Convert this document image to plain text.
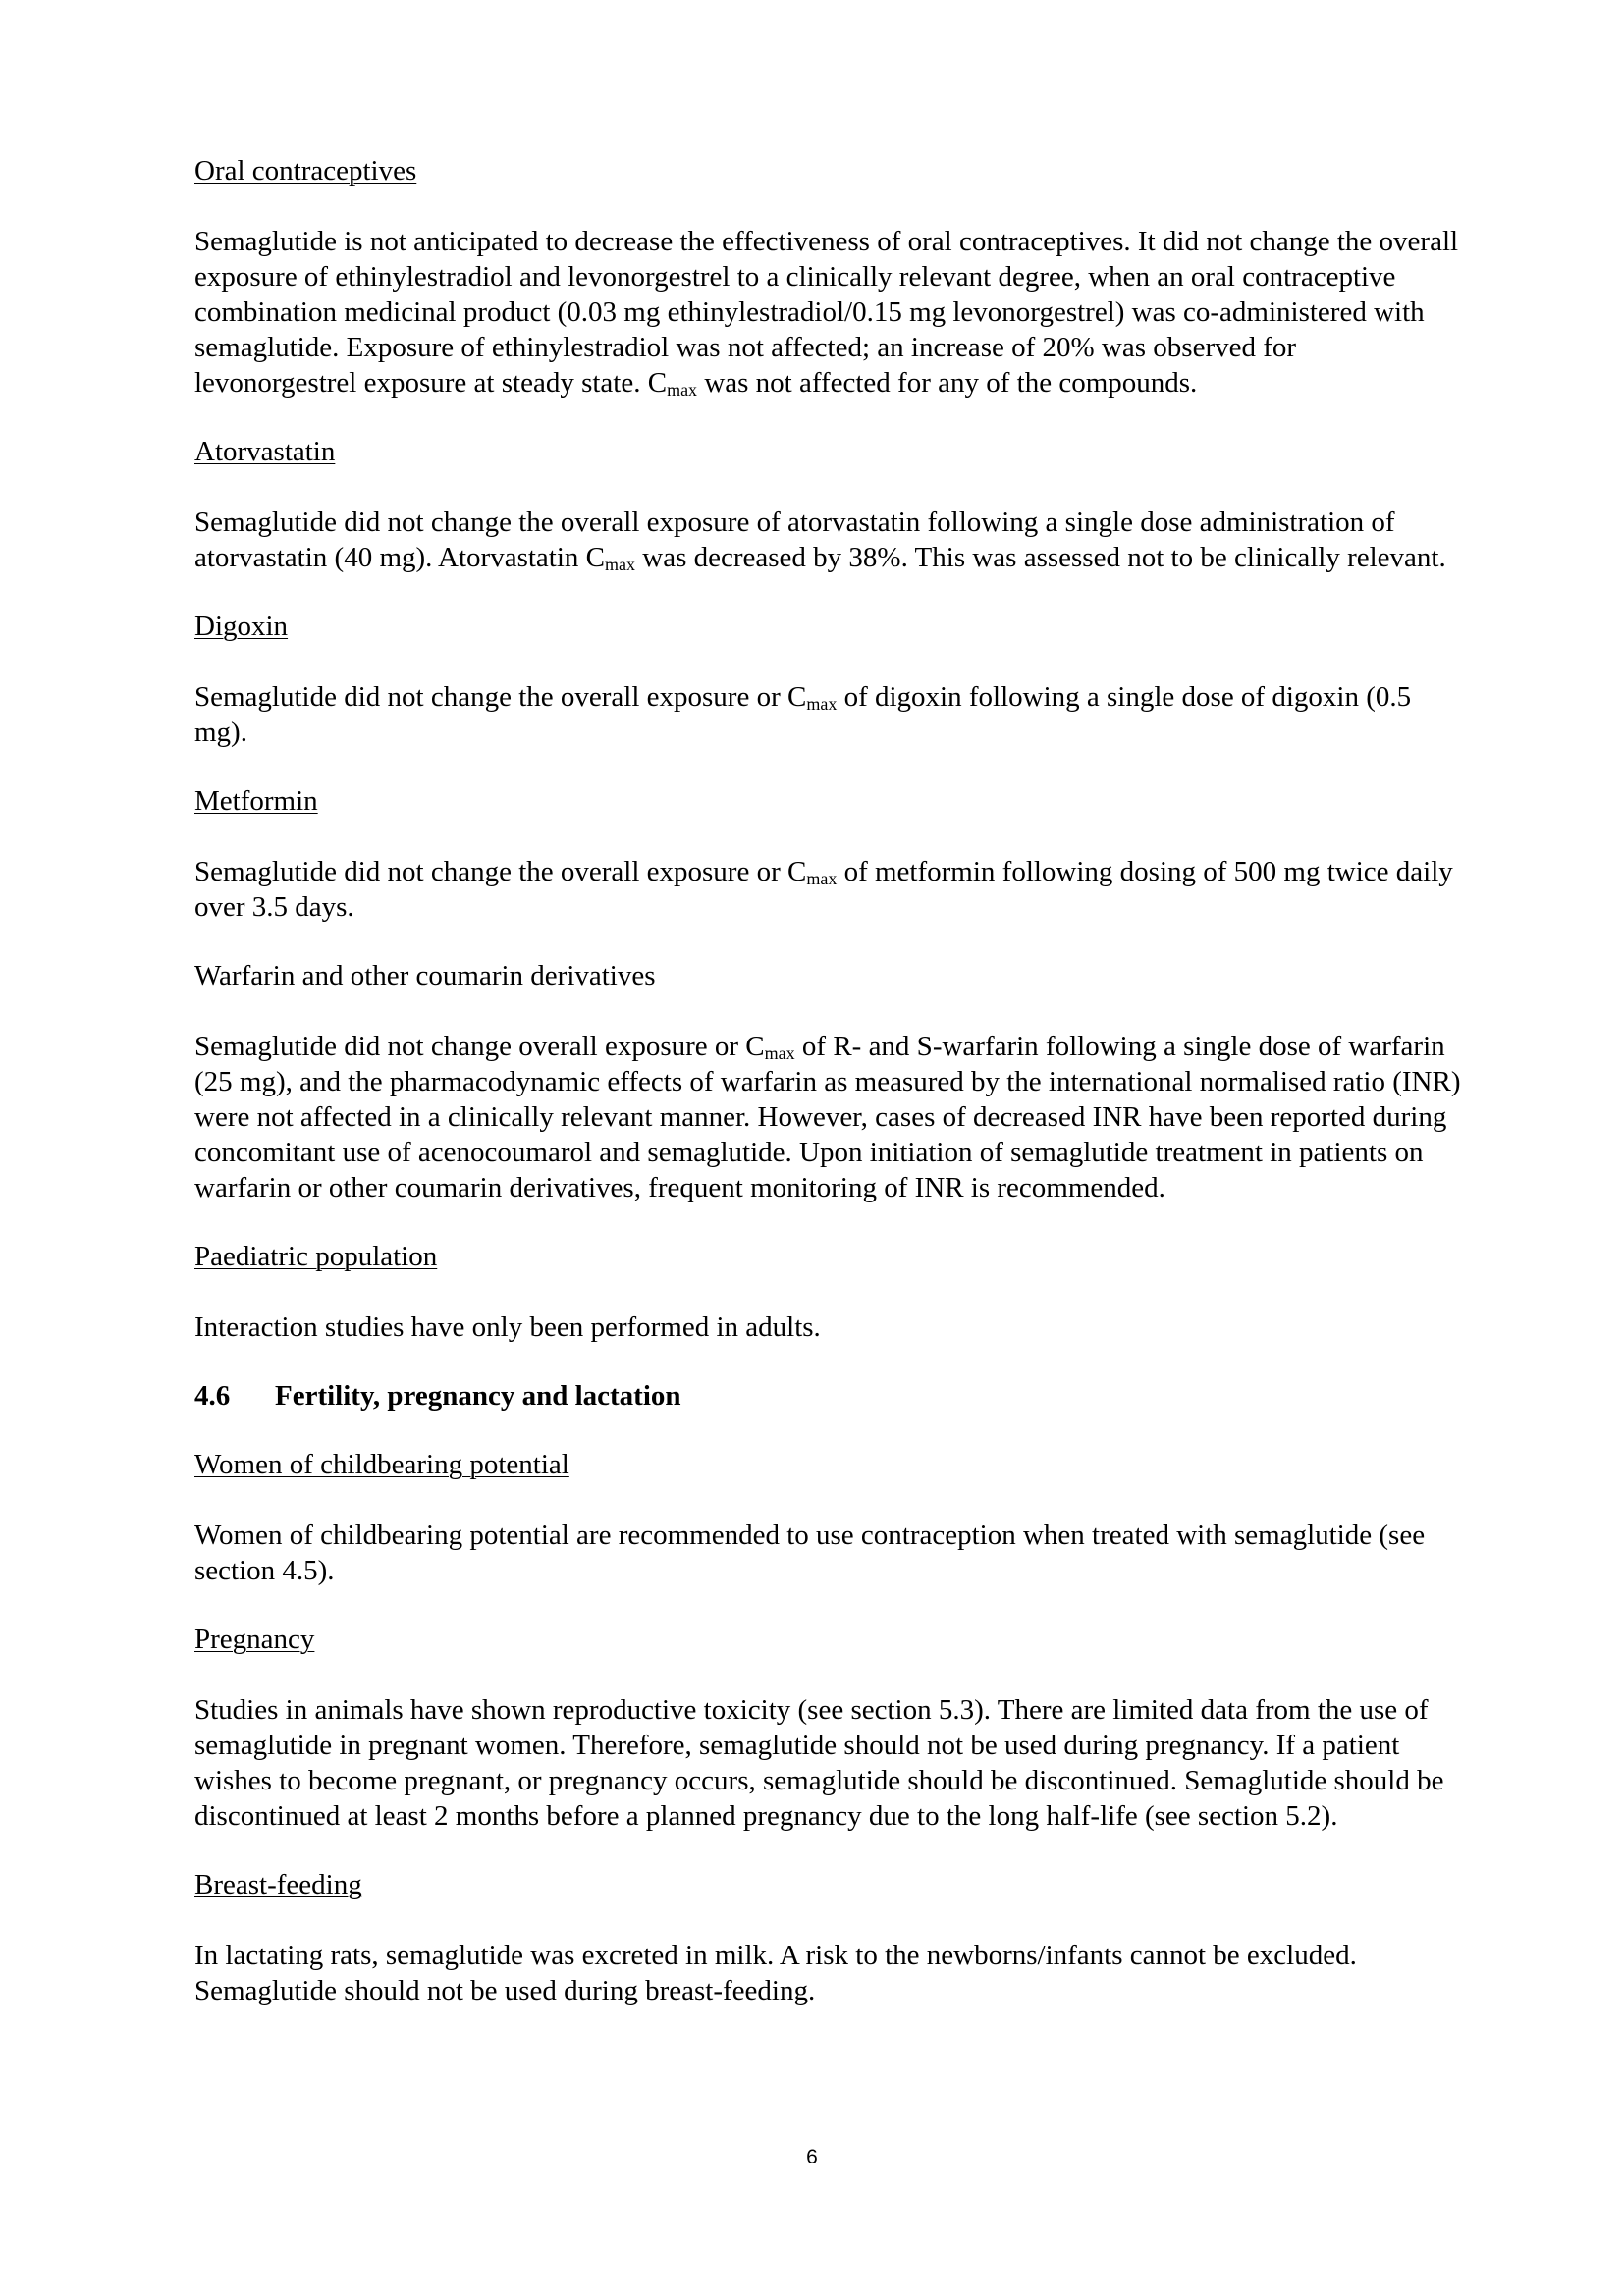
Oral contraceptives

Semaglutide is not anticipated to decrease the effectiveness of oral contraceptives. It did not change the overall exposure of ethinylestradiol and levonorgestrel to a clinically relevant degree, when an oral contraceptive combination medicinal product (0.03 mg ethinylestradiol/0.15 mg levonorgestrel) was co-administered with semaglutide. Exposure of ethinylestradiol was not affected; an increase of 20% was observed for levonorgestrel exposure at steady state. $C_{max}$ was not affected for any of the compounds.

Atorvastatin

Semaglutide did not change the overall exposure of atorvastatin following a single dose administration of atorvastatin (40 mg). Atorvastatin $C_{max}$ was decreased by 38%. This was assessed not to be clinically relevant.

Digoxin

Semaglutide did not change the overall exposure or $C_{max}$ of digoxin following a single dose of digoxin (0.5 mg).

Metformin

Semaglutide did not change the overall exposure or $C_{max}$ of metformin following dosing of 500 mg twice daily over 3.5 days.

Warfarin and other coumarin derivatives

Semaglutide did not change overall exposure or $C_{max}$ of R- and S-warfarin following a single dose of warfarin (25 mg), and the pharmacodynamic effects of warfarin as measured by the international normalised ratio (INR) were not affected in a clinically relevant manner. However, cases of decreased INR have been reported during concomitant use of acenocoumarol and semaglutide. Upon initiation of semaglutide treatment in patients on warfarin or other coumarin derivatives, frequent monitoring of INR is recommended.

Paediatric population

Interaction studies have only been performed in adults.

4.6 Fertility, pregnancy and lactation

Women of childbearing potential

Women of childbearing potential are recommended to use contraception when treated with semaglutide (see section 4.5).

Pregnancy

Studies in animals have shown reproductive toxicity (see section 5.3). There are limited data from the use of semaglutide in pregnant women. Therefore, semaglutide should not be used during pregnancy. If a patient wishes to become pregnant, or pregnancy occurs, semaglutide should be discontinued. Semaglutide should be discontinued at least 2 months before a planned pregnancy due to the long half-life (see section 5.2).

Breast-feeding

In lactating rats, semaglutide was excreted in milk. A risk to the newborns/infants cannot be excluded. Semaglutide should not be used during breast-feeding.

6
